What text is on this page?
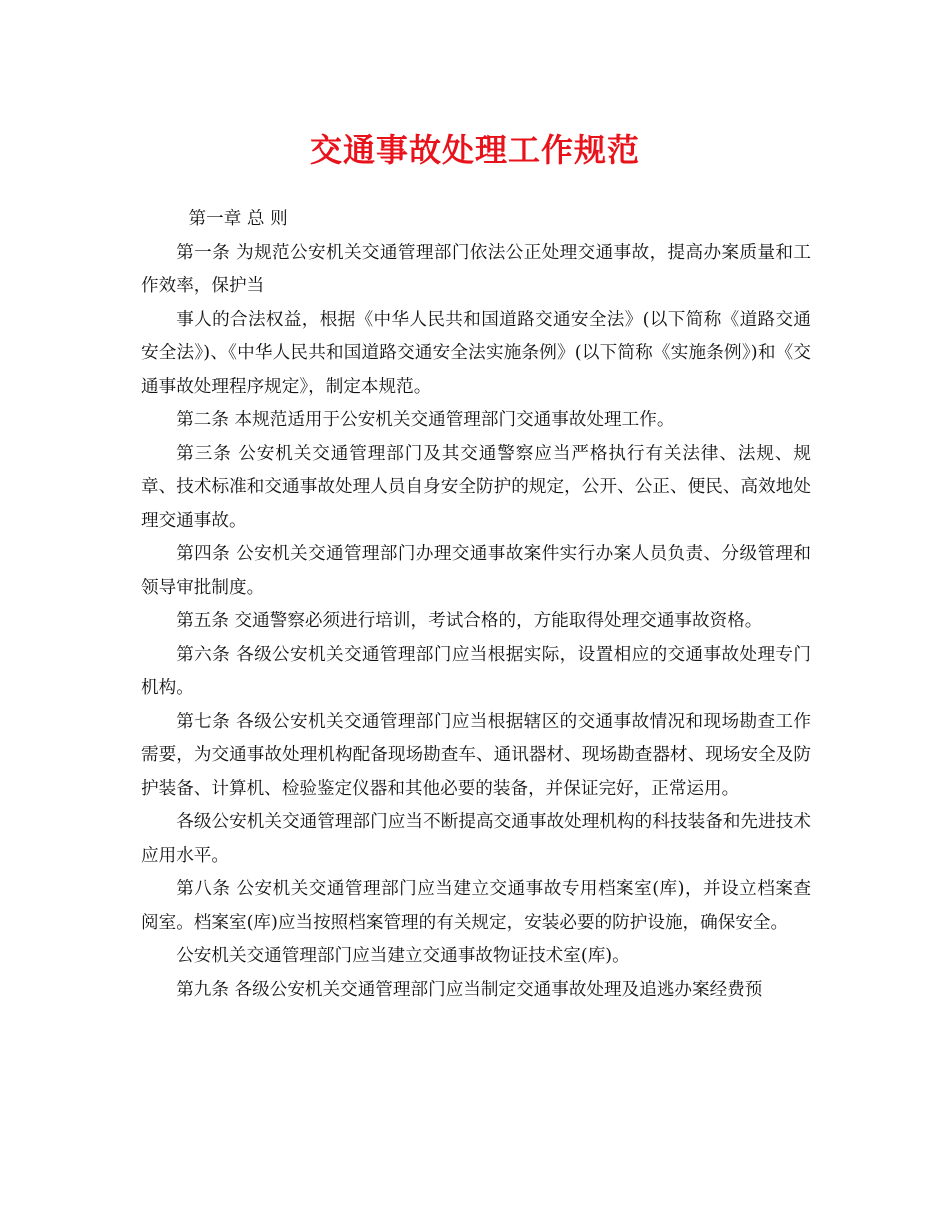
交通事故处理工作规范

第一章 总 则

第一条 为规范公安机关交通管理部门依法公正处理交通事故，提高办案质量和工作效率，保护当

事人的合法权益，根据《中华人民共和国道路交通安全法》(以下简称《道路交通安全法》)、《中华人民共和国道路交通安全法实施条例》(以下简称《实施条例》)和《交通事故处理程序规定》，制定本规范。

第二条 本规范适用于公安机关交通管理部门交通事故处理工作。

第三条 公安机关交通管理部门及其交通警察应当严格执行有关法律、法规、规章、技术标准和交通事故处理人员自身安全防护的规定，公开、公正、便民、高效地处理交通事故。

第四条 公安机关交通管理部门办理交通事故案件实行办案人员负责、分级管理和领导审批制度。

第五条 交通警察必须进行培训，考试合格的，方能取得处理交通事故资格。

第六条 各级公安机关交通管理部门应当根据实际，设置相应的交通事故处理专门机构。

第七条 各级公安机关交通管理部门应当根据辖区的交通事故情况和现场勘查工作需要，为交通事故处理机构配备现场勘查车、通讯器材、现场勘查器材、现场安全及防护装备、计算机、检验鉴定仪器和其他必要的装备，并保证完好，正常运用。

各级公安机关交通管理部门应当不断提高交通事故处理机构的科技装备和先进技术应用水平。

第八条 公安机关交通管理部门应当建立交通事故专用档案室(库)，并设立档案查阅室。档案室(库)应当按照档案管理的有关规定，安装必要的防护设施，确保安全。

公安机关交通管理部门应当建立交通事故物证技术室(库)。

第九条 各级公安机关交通管理部门应当制定交通事故处理及追逃办案经费预
